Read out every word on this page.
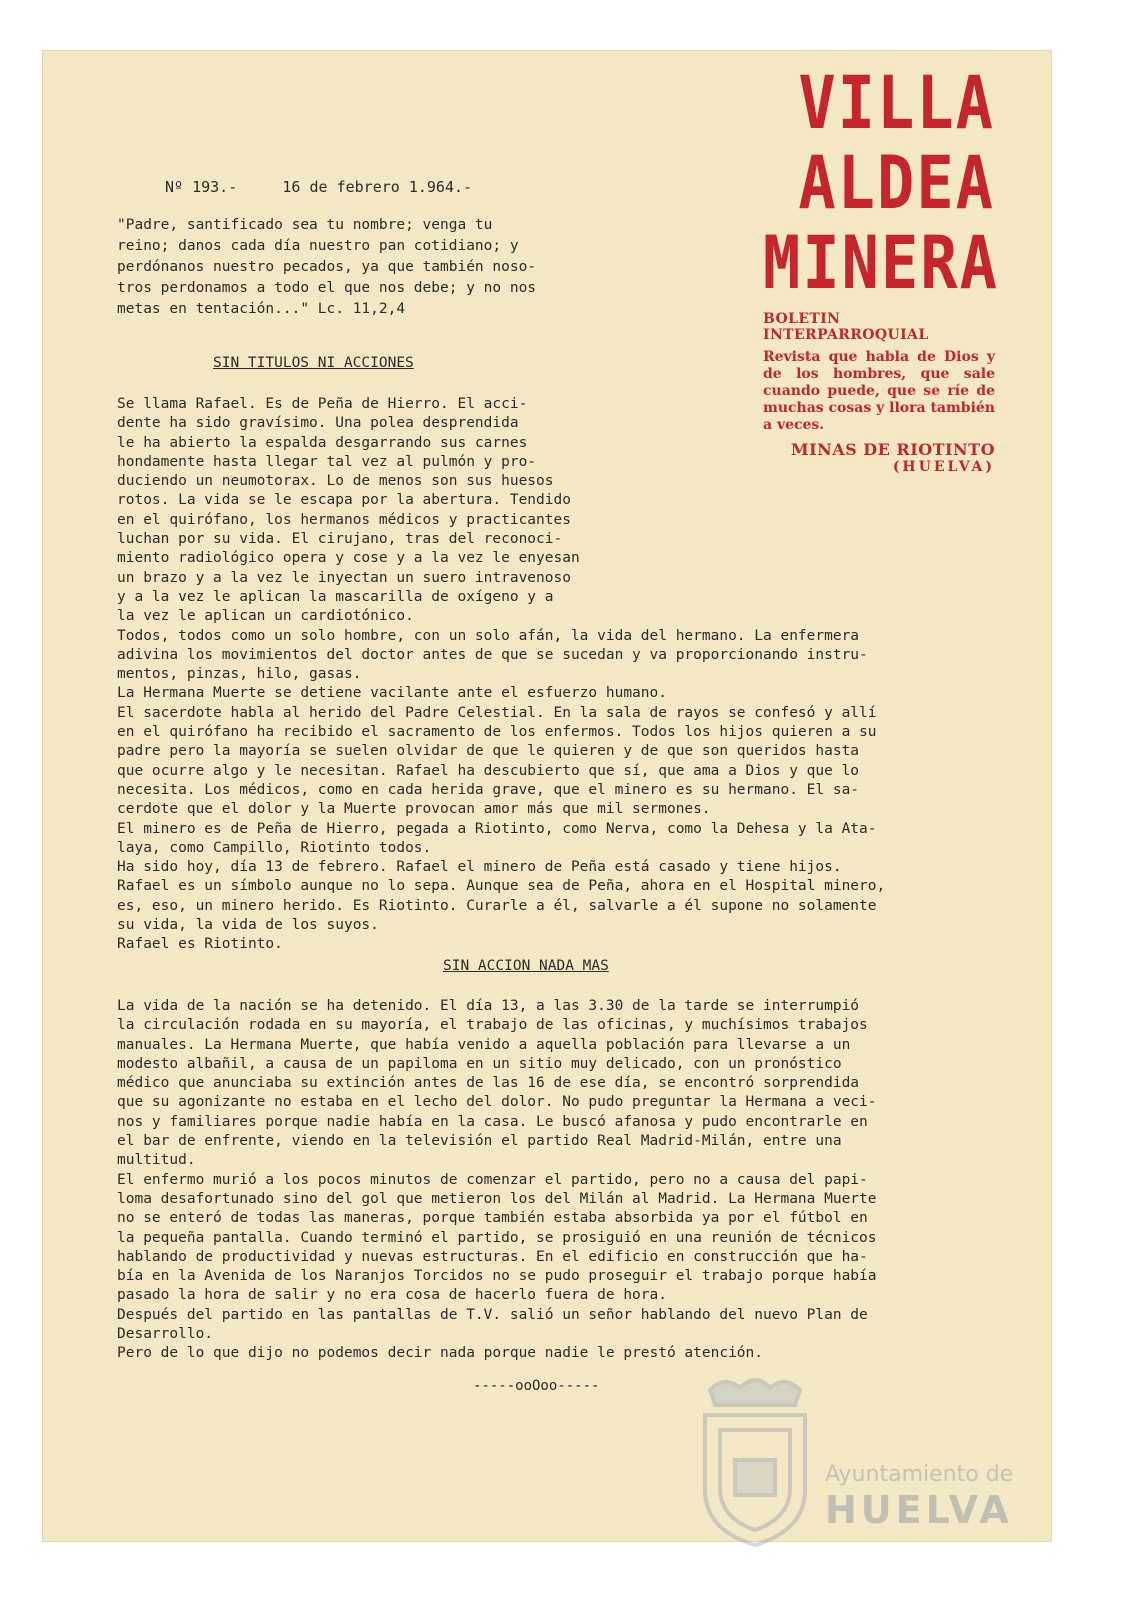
VILLA
ALDEA
MINERA
BOLETIN INTERPARROQUIAL
Revista que habla de Dios y de los hombres, que sale cuando puede, que se ríe de muchas cosas y llora también a veces.
MINAS DE RIOTINTO
(HUELVA)
Nº 193.-	16 de febrero 1.964.-
"Padre, santificado sea tu nombre; venga tu
reino; danos cada día nuestro pan cotidiano; y
perdónanos nuestro pecados, ya que también noso-
tros perdonamos a todo el que nos debe; y no nos
metas en tentación..." Lc. 11,2,4
SIN TITULOS NI ACCIONES
Se llama Rafael. Es de Peña de Hierro. El acci-
dente ha sido gravísimo. Una polea desprendida
le ha abierto la espalda desgarrando sus carnes
hondamente hasta llegar tal vez al pulmón y pro-
duciendo un neumotorax. Lo de menos son sus huesos
rotos. La vida se le escapa por la abertura. Tendido
en el quirófano, los hermanos médicos y practicantes
luchan por su vida. El cirujano, tras del reconoci-
miento radiológico opera y cose y a la vez le enyesan
un brazo y a la vez le inyectan un suero intravenoso
y a la vez le aplican la mascarilla de oxígeno y a
la vez le aplican un cardiotónico.
Todos, todos como un solo hombre, con un solo afán, la vida del hermano. La enfermera
adivina los movimientos del doctor antes de que se sucedan y va proporcionando instru-
mentos, pinzas, hilo, gasas.
La Hermana Muerte se detiene vacilante ante el esfuerzo humano.
El sacerdote habla al herido del Padre Celestial. En la sala de rayos se confesó y allí
en el quirófano ha recibido el sacramento de los enfermos. Todos los hijos quieren a su
padre pero la mayoría se suelen olvidar de que le quieren y de que son queridos hasta
que ocurre algo y le necesitan. Rafael ha descubierto que sí, que ama a Dios y que lo
necesita. Los médicos, como en cada herida grave, que el minero es su hermano. El sa-
cerdote que el dolor y la Muerte provocan amor más que mil sermones.
El minero es de Peña de Hierro, pegada a Riotinto, como Nerva, como la Dehesa y la Ata-
laya, como Campillo, Riotinto todos.
Ha sido hoy, día 13 de febrero. Rafael el minero de Peña está casado y tiene hijos.
Rafael es un símbolo aunque no lo sepa. Aunque sea de Peña, ahora en el Hospital minero,
es, eso, un minero herido. Es Riotinto. Curarle a él, salvarle a él supone no solamente
su vida, la vida de los suyos.
Rafael es Riotinto.
SIN ACCION NADA MAS
La vida de la nación se ha detenido. El día 13, a las 3.30 de la tarde se interrumpió
la circulación rodada en su mayoría, el trabajo de las oficinas, y muchísimos trabajos
manuales. La Hermana Muerte, que había venido a aquella población para llevarse a un
modesto albañil, a causa de un papiloma en un sitio muy delicado, con un pronóstico
médico que anunciaba su extinción antes de las 16 de ese día, se encontró sorprendida
que su agonizante no estaba en el lecho del dolor. No pudo preguntar la Hermana a veci-
nos y familiares porque nadie había en la casa. Le buscó afanosa y pudo encontrarle en
el bar de enfrente, viendo en la televisión el partido Real Madrid-Milán, entre una
multitud.
El enfermo murió a los pocos minutos de comenzar el partido, pero no a causa del papi-
loma desafortunado sino del gol que metieron los del Milán al Madrid. La Hermana Muerte
no se enteró de todas las maneras, porque también estaba absorbida ya por el fútbol en
la pequeña pantalla. Cuando terminó el partido, se prosiguió en una reunión de técnicos
hablando de productividad y nuevas estructuras. En el edificio en construcción que ha-
bía en la Avenida de los Naranjos Torcidos no se pudo proseguir el trabajo porque había
pasado la hora de salir y no era cosa de hacerlo fuera de hora.
Después del partido en las pantallas de T.V. salió un señor hablando del nuevo Plan de
Desarrollo.
Pero de lo que dijo no podemos decir nada porque nadie le prestó atención.
-----ooOoo-----
Ayuntamiento de
HUELVA
